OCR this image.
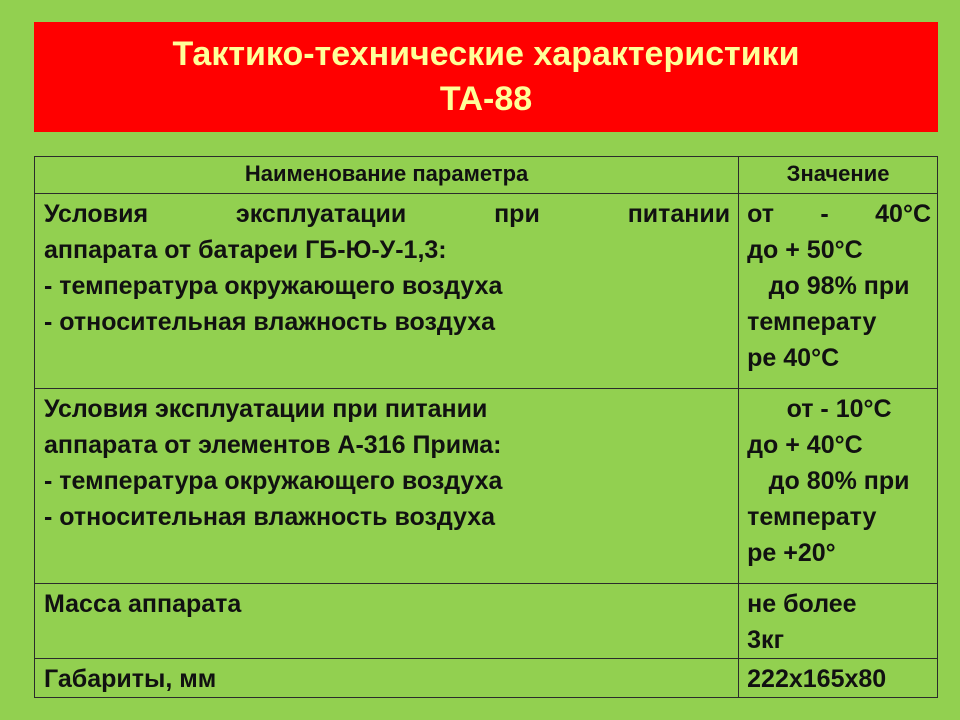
Тактико-технические характеристики
ТА-88
Наименование параметра	Значение

Условия эксплуатации при питании
аппарата от батареи ГБ-Ю-У-1,3:
- температура окружающего воздуха
- относительная влажность воздуха	от - 40°С
до + 50°С
до 98% при
температу
ре 40°С

Условия эксплуатации при питании
аппарата от элементов А-316 Прима:
- температура окружающего воздуха
- относительная влажность воздуха	от - 10°С
до + 40°С
до 80% при
температу
ре +20°

Масса аппарата	не более
3кг

Габариты, мм	222х165х80
